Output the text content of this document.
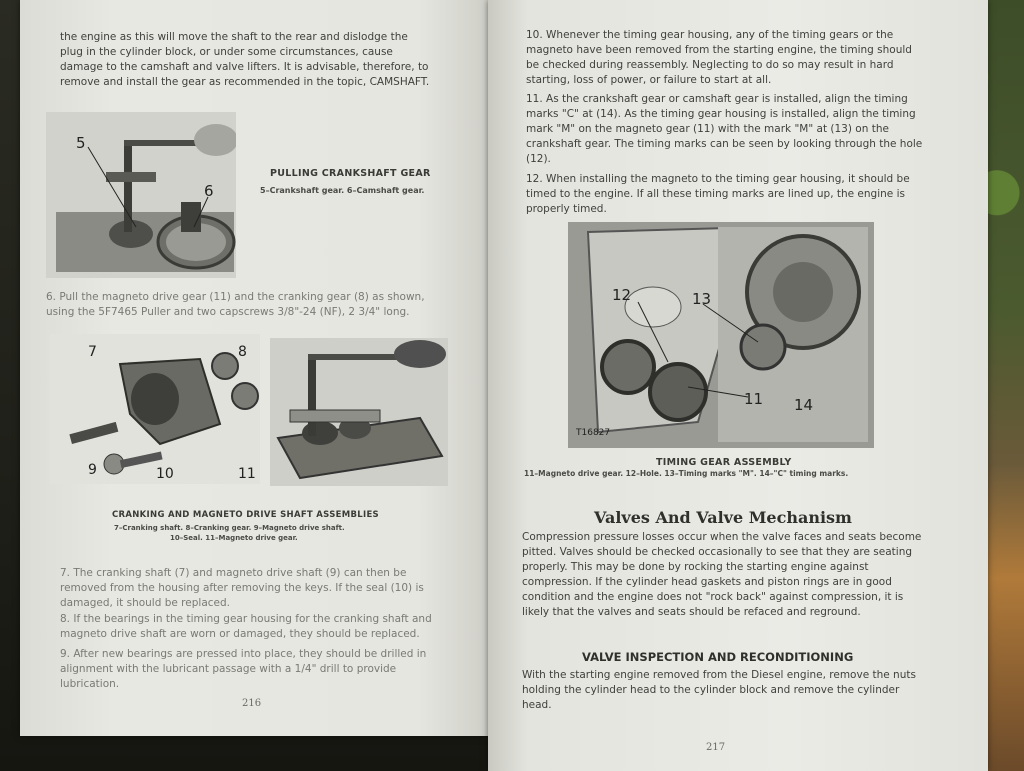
the engine as this will move the shaft to the rear and dislodge the plug in the cylinder block, or under some circumstances, cause damage to the camshaft and valve lifters. It is advisable, therefore, to remove and install the gear as recommended in the topic, CAMSHAFT.
5
6
PULLING CRANKSHAFT GEAR
5–Crankshaft gear. 6–Camshaft gear.
6. Pull the magneto drive gear (11) and the cranking gear (8) as shown, using the 5F7465 Puller and two capscrews 3/8"-24 (NF), 2 3/4" long.
7	8
9	10	11
CRANKING AND MAGNETO DRIVE SHAFT ASSEMBLIES
7–Cranking shaft. 8–Cranking gear. 9–Magneto drive shaft.
10–Seal. 11–Magneto drive gear.
7. The cranking shaft (7) and magneto drive shaft (9) can then be removed from the housing after removing the keys. If the seal (10) is damaged, it should be replaced.
8. If the bearings in the timing gear housing for the cranking shaft and magneto drive shaft are worn or damaged, they should be replaced.
9. After new bearings are pressed into place, they should be drilled in alignment with the lubricant passage with a 1/4" drill to provide lubrication.
216
10. Whenever the timing gear housing, any of the timing gears or the magneto have been removed from the starting engine, the timing should be checked during reassembly. Neglecting to do so may result in hard starting, loss of power, or failure to start at all.
11. As the crankshaft gear or camshaft gear is installed, align the timing marks "C" at (14). As the timing gear housing is installed, align the timing mark "M" on the magneto gear (11) with the mark "M" at (13) on the crankshaft gear. The timing marks can be seen by looking through the hole (12).
12. When installing the magneto to the timing gear housing, it should be timed to the engine. If all these timing marks are lined up, the engine is properly timed.
12	13
11 14
T16827
TIMING GEAR ASSEMBLY
11–Magneto drive gear. 12–Hole. 13–Timing marks "M". 14–"C" timing marks.
Valves And Valve Mechanism
Compression pressure losses occur when the valve faces and seats become pitted. Valves should be checked occasionally to see that they are seating properly. This may be done by rocking the starting engine against compression. If the cylinder head gaskets and piston rings are in good condition and the engine does not "rock back" against compression, it is likely that the valves and seats should be refaced and reground.
VALVE INSPECTION AND RECONDITIONING
With the starting engine removed from the Diesel engine, remove the nuts holding the cylinder head to the cylinder block and remove the cylinder head.
217
